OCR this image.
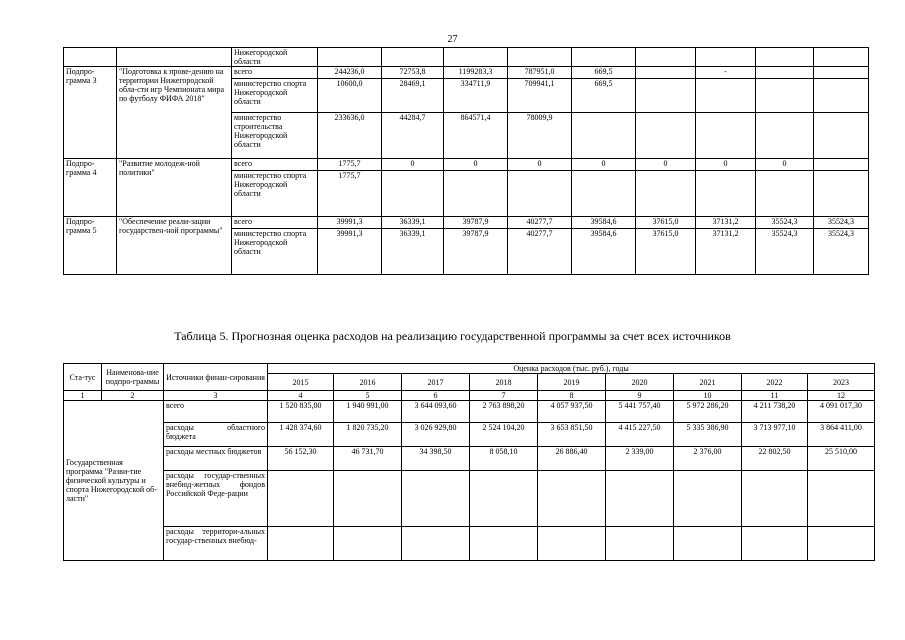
27
		Нижегородской области									
Подпро-грамма 3	"Подготовка к прове-дению на территории Нижегородской обла-сти игр Чемпионата мира по футболу ФИФА 2018"	всего	244236,0	72753,8	1199283,3	787951,0	669,5		-		
		министерство спорта Нижегородской области	10600,0	28469,1	334711,9	709941,1	669,5				
		министерство строительства Нижегородской области	233636,0	44284,7	864571,4	78009,9					
Подпро-грамма 4	"Развитие молодеж-ной политики"	всего	1775,7	0	0	0	0	0	0	0	
		министерство спорта Нижегородской области	1775,7								
Подпро-грамма 5	"Обеспечение реали-зации государствен-ной программы"	всего	39991,3	36339,1	39787,9	40277,7	39584,6	37615,0	37131,2	35524,3	35524,3
		министерство спорта Нижегородской области	39991,3	36339,1	39787,9	40277,7	39584,6	37615,0	37131,2	35524,3	35524,3
Таблица 5. Прогнозная оценка расходов на реализацию государственной программы за счет всех источников
Ста-тус	Наименова-ние подпро-граммы	Источники финан-сирования	Оценка расходов (тыс. руб.), годы								
			2015	2016	2017	2018	2019	2020	2021	2022	2023
1	2	3	4	5	6	7	8	9	10	11	12
Государственная программа "Разви-тие физической культуры и спорта Нижегородской об-ласти"		всего	1 520 835,00	1 940 991,00	3 644 093,60	2 763 898,20	4 057 937,50	5 441 757,40	5 972 286,20	4 211 738,20	4 091 017,30
		расходы областного бюджета	1 428 374,60	1 820 735,20	3 026 929,80	2 524 104,20	3 653 851,50	4 415 227,50	5 335 386,90	3 713 977,10	3 864 411,00
		расходы местных бюджетов	56 152,30	46 731,70	34 398,50	8 058,10	26 886,40	2 339,00	2 376,00	22 802,50	25 510,00
		расходы государ-ственных внебюд-жетных фондов Российской Феде-рации									
		расходы территори-альных государ-ственных внебюд-									
